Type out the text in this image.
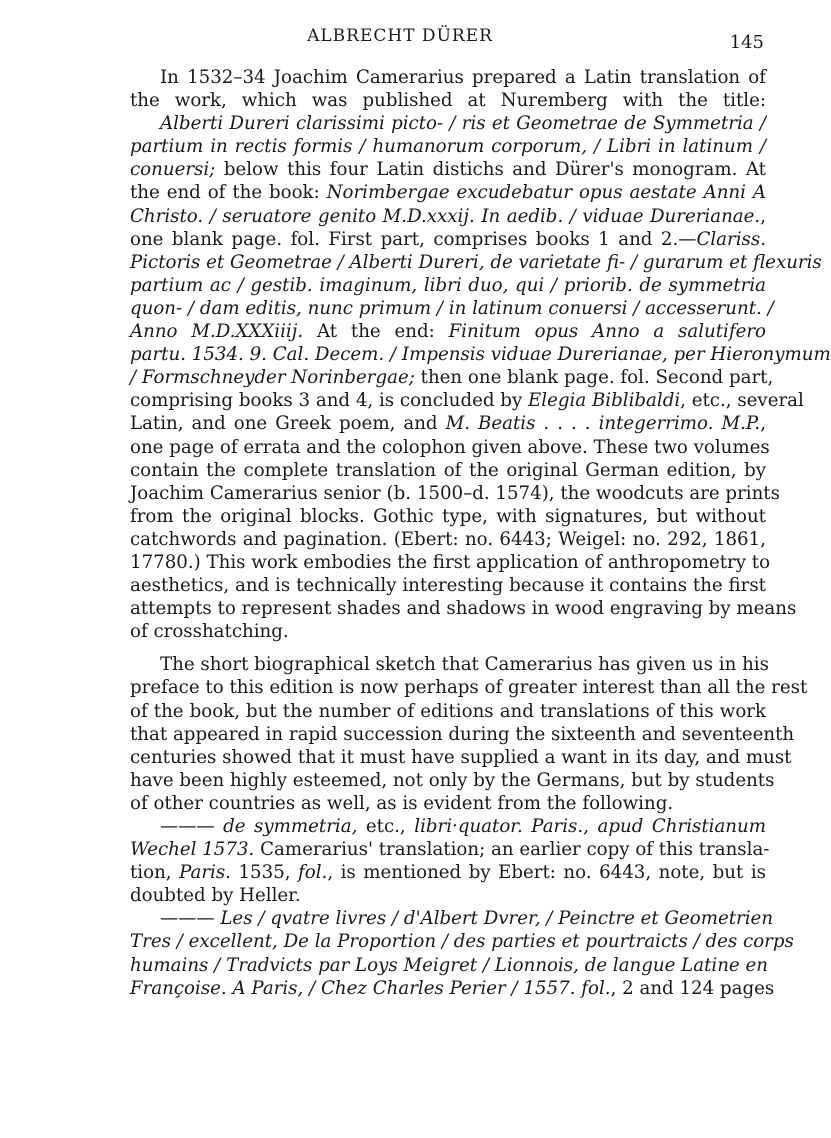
ALBRECHT DÜRER	145
In 1532–34 Joachim Camerarius prepared a Latin translation of
the work, which was published at Nuremberg with the title:
Alberti Dureri clarissimi picto- / ris et Geometrae de Symmetria /
partium in rectis formis / humanorum corporum, / Libri in latinum /
conuersi; below this four Latin distichs and Dürer's monogram. At
the end of the book: Norimbergae excudebatur opus aestate Anni A
Christo. / seruatore genito M.D.xxxij. In aedib. / viduae Durerianae.,
one blank page. fol. First part, comprises books 1 and 2.—Clariss.
Pictoris et Geometrae / Alberti Dureri, de varietate fi- / gurarum et flexuris
partium ac / gestib. imaginum, libri duo, qui / priorib. de symmetria
quon- / dam editis, nunc primum / in latinum conuersi / accesserunt. /
Anno M.D.XXXiiij. At the end: Finitum opus Anno a salutifero
partu. 1534. 9. Cal. Decem. / Impensis viduae Durerianae, per Hieronymum
/ Formschneyder Norinbergae; then one blank page. fol. Second part,
comprising books 3 and 4, is concluded by Elegia Biblibaldi, etc., several
Latin, and one Greek poem, and M. Beatis . . . . integerrimo. M.P.,
one page of errata and the colophon given above. These two volumes
contain the complete translation of the original German edition, by
Joachim Camerarius senior (b. 1500–d. 1574), the woodcuts are prints
from the original blocks. Gothic type, with signatures, but without
catchwords and pagination. (Ebert: no. 6443; Weigel: no. 292, 1861,
17780.) This work embodies the first application of anthropometry to
aesthetics, and is technically interesting because it contains the first
attempts to represent shades and shadows in wood engraving by means
of crosshatching.
The short biographical sketch that Camerarius has given us in his
preface to this edition is now perhaps of greater interest than all the rest
of the book, but the number of editions and translations of this work
that appeared in rapid succession during the sixteenth and seventeenth
centuries showed that it must have supplied a want in its day, and must
have been highly esteemed, not only by the Germans, but by students
of other countries as well, as is evident from the following.
——— de symmetria, etc., libri·quator. Paris., apud Christianum
Wechel 1573. Camerarius' translation; an earlier copy of this transla-
tion, Paris. 1535, fol., is mentioned by Ebert: no. 6443, note, but is
doubted by Heller.
——— Les / qvatre livres / d'Albert Dvrer, / Peinctre et Geometrien
Tres / excellent, De la Proportion / des parties et pourtraicts / des corps
humains / Tradvicts par Loys Meigret / Lionnois, de langue Latine en
Françoise. A Paris, / Chez Charles Perier / 1557. fol., 2 and 124 pages
